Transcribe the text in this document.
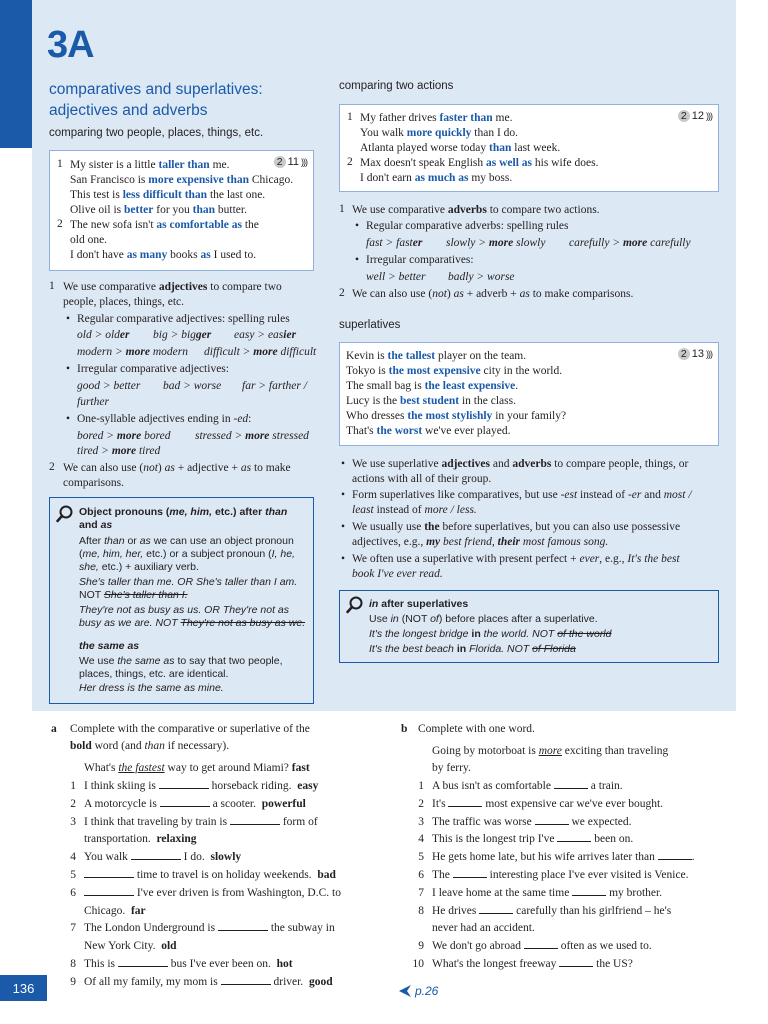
3A
comparatives and superlatives:
adjectives and adverbs
comparing two people, places, things, etc.
comparing two actions
superlatives
2 11 )))
1 My sister is a little taller than me.
San Francisco is more expensive than Chicago.
This test is less difficult than the last one.
Olive oil is better for you than butter.
2 The new sofa isn't as comfortable as the
old one.
I don't have as many books as I used to.
1 We use comparative adjectives to compare two
people, places, things, etc.
• Regular comparative adjectives: spelling rules
old > older big > bigger easy > easier
modern > more modern difficult > more difficult
• Irregular comparative adjectives:
good > better bad > worse far > farther /
further
• One-syllable adjectives ending in -ed:
bored > more bored stressed > more stressed
tired > more tired
2 We can also use (not) as + adjective + as to make
comparisons.
Object pronouns (me, him, etc.) after than
and as
After than or as we can use an object pronoun
(me, him, her, etc.) or a subject pronoun (I, he,
she, etc.) + auxiliary verb.
She's taller than me. OR She's taller than I am.
NOT She's taller than I.
They're not as busy as us. OR They're not as
busy as we are. NOT They're not as busy as we.
the same as
We use the same as to say that two people,
places, things, etc. are identical.
Her dress is the same as mine.
2 12 )))
1 My father drives faster than me.
You walk more quickly than I do.
Atlanta played worse today than last week.
2 Max doesn't speak English as well as his wife does.
I don't earn as much as my boss.
1 We use comparative adverbs to compare two actions.
• Regular comparative adverbs: spelling rules
fast > faster slowly > more slowly carefully > more carefully
• Irregular comparatives:
well > better badly > worse
2 We can also use (not) as + adverb + as to make comparisons.
2 13 )))
Kevin is the tallest player on the team.
Tokyo is the most expensive city in the world.
The small bag is the least expensive.
Lucy is the best student in the class.
Who dresses the most stylishly in your family?
That's the worst we've ever played.
• We use superlative adjectives and adverbs to compare people, things, or
actions with all of their group.
• Form superlatives like comparatives, but use -est instead of -er and most /
least instead of more / less.
• We usually use the before superlatives, but you can also use possessive
adjectives, e.g., my best friend, their most famous song.
• We often use a superlative with present perfect + ever, e.g., It's the best
book I've ever read.
in after superlatives
Use in (NOT of) before places after a superlative.
It's the longest bridge in the world. NOT of the world
It's the best beach in Florida. NOT of Florida
a Complete with the comparative or superlative of the
bold word (and than if necessary).
What's the fastest way to get around Miami? fast
1 I think skiing is	horseback riding. easy
2 A motorcycle is	a scooter. powerful
3 I think that traveling by train is	form of
transportation. relaxing
4 You walk	I do. slowly
5	time to travel is on holiday weekends. bad
6	I've ever driven is from Washington, D.C. to
Chicago. far
7 The London Underground is	the subway in
New York City. old
8 This is	bus I've ever been on. hot
9 Of all my family, my mom is	driver. good
b Complete with one word.
Going by motorboat is more exciting than traveling
by ferry.
1 A bus isn't as comfortable	a train.
2 It's	most expensive car we've ever bought.
3 The traffic was worse	we expected.
4 This is the longest trip I've	been on.
5 He gets home late, but his wife arrives later than	.
6 The	interesting place I've ever visited is Venice.
7 I leave home at the same time	my brother.
8 He drives	carefully than his girlfriend – he's
never had an accident.
9 We don't go abroad	often as we used to.
10 What's the longest freeway	the US?
136	p.26
